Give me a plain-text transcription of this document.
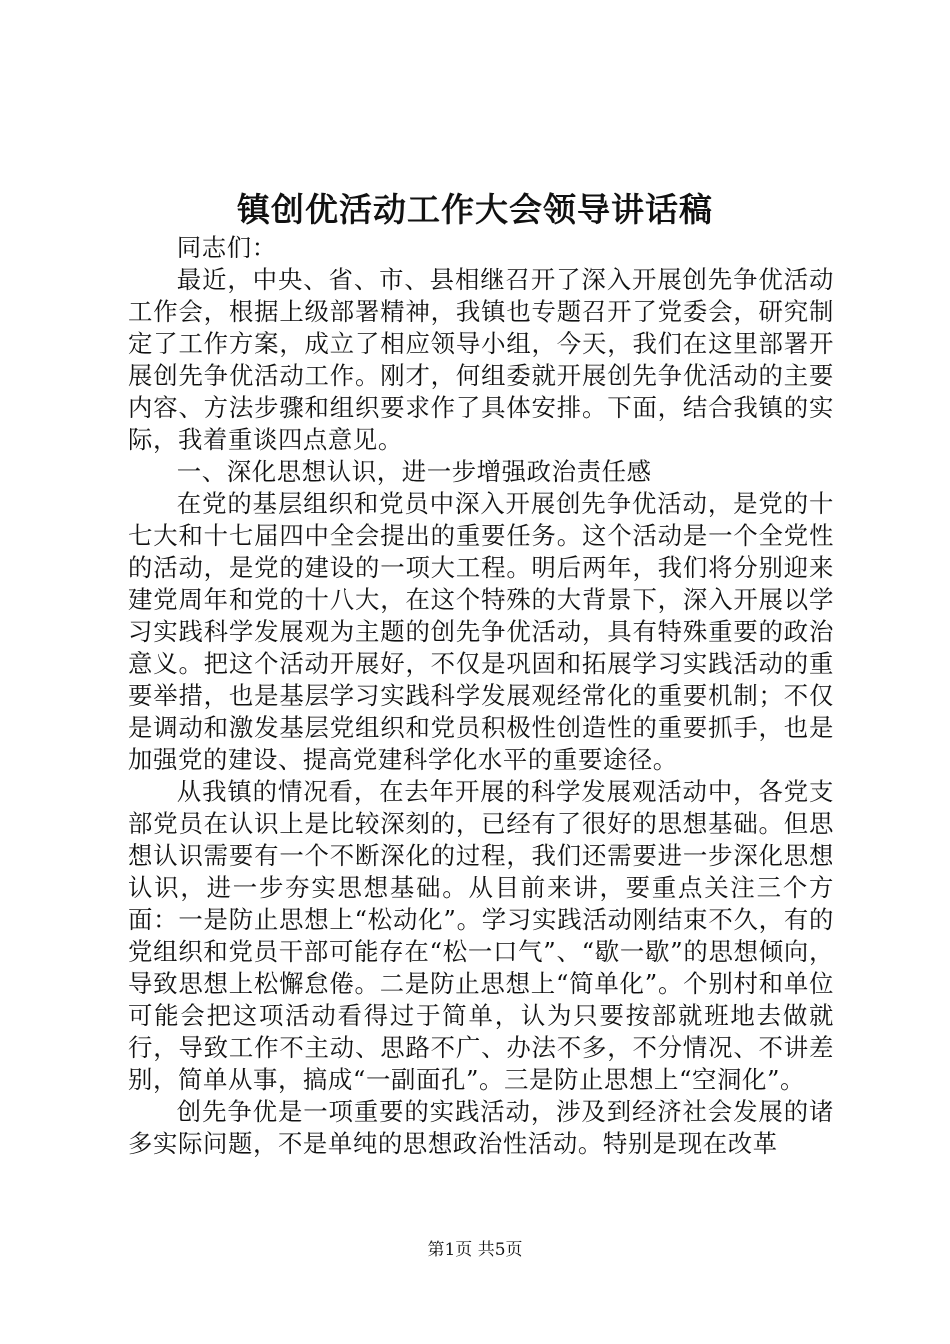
镇创优活动工作大会领导讲话稿

同志们：

最近，中央、省、市、县相继召开了深入开展创先争优活动工作会，根据上级部署精神，我镇也专题召开了党委会，研究制定了工作方案，成立了相应领导小组，今天，我们在这里部署开展创先争优活动工作。刚才，何组委就开展创先争优活动的主要内容、方法步骤和组织要求作了具体安排。下面，结合我镇的实际，我着重谈四点意见。

一、深化思想认识，进一步增强政治责任感

在党的基层组织和党员中深入开展创先争优活动，是党的十七大和十七届四中全会提出的重要任务。这个活动是一个全党性的活动，是党的建设的一项大工程。明后两年，我们将分别迎来建党周年和党的十八大，在这个特殊的大背景下，深入开展以学习实践科学发展观为主题的创先争优活动，具有特殊重要的政治意义。把这个活动开展好，不仅是巩固和拓展学习实践活动的重要举措，也是基层学习实践科学发展观经常化的重要机制；不仅是调动和激发基层党组织和党员积极性创造性的重要抓手，也是加强党的建设、提高党建科学化水平的重要途径。

从我镇的情况看，在去年开展的科学发展观活动中，各党支部党员在认识上是比较深刻的，已经有了很好的思想基础。但思想认识需要有一个不断深化的过程，我们还需要进一步深化思想认识，进一步夯实思想基础。从目前来讲，要重点关注三个方面：一是防止思想上“松动化”。学习实践活动刚结束不久，有的党组织和党员干部可能存在“松一口气”、“歇一歇”的思想倾向，导致思想上松懈怠倦。二是防止思想上“简单化”。个别村和单位可能会把这项活动看得过于简单，认为只要按部就班地去做就行，导致工作不主动、思路不广、办法不多，不分情况、不讲差别，简单从事，搞成“一副面孔”。三是防止思想上“空洞化”。

创先争优是一项重要的实践活动，涉及到经济社会发展的诸多实际问题，不是单纯的思想政治性活动。特别是现在改革

第1页 共5页
